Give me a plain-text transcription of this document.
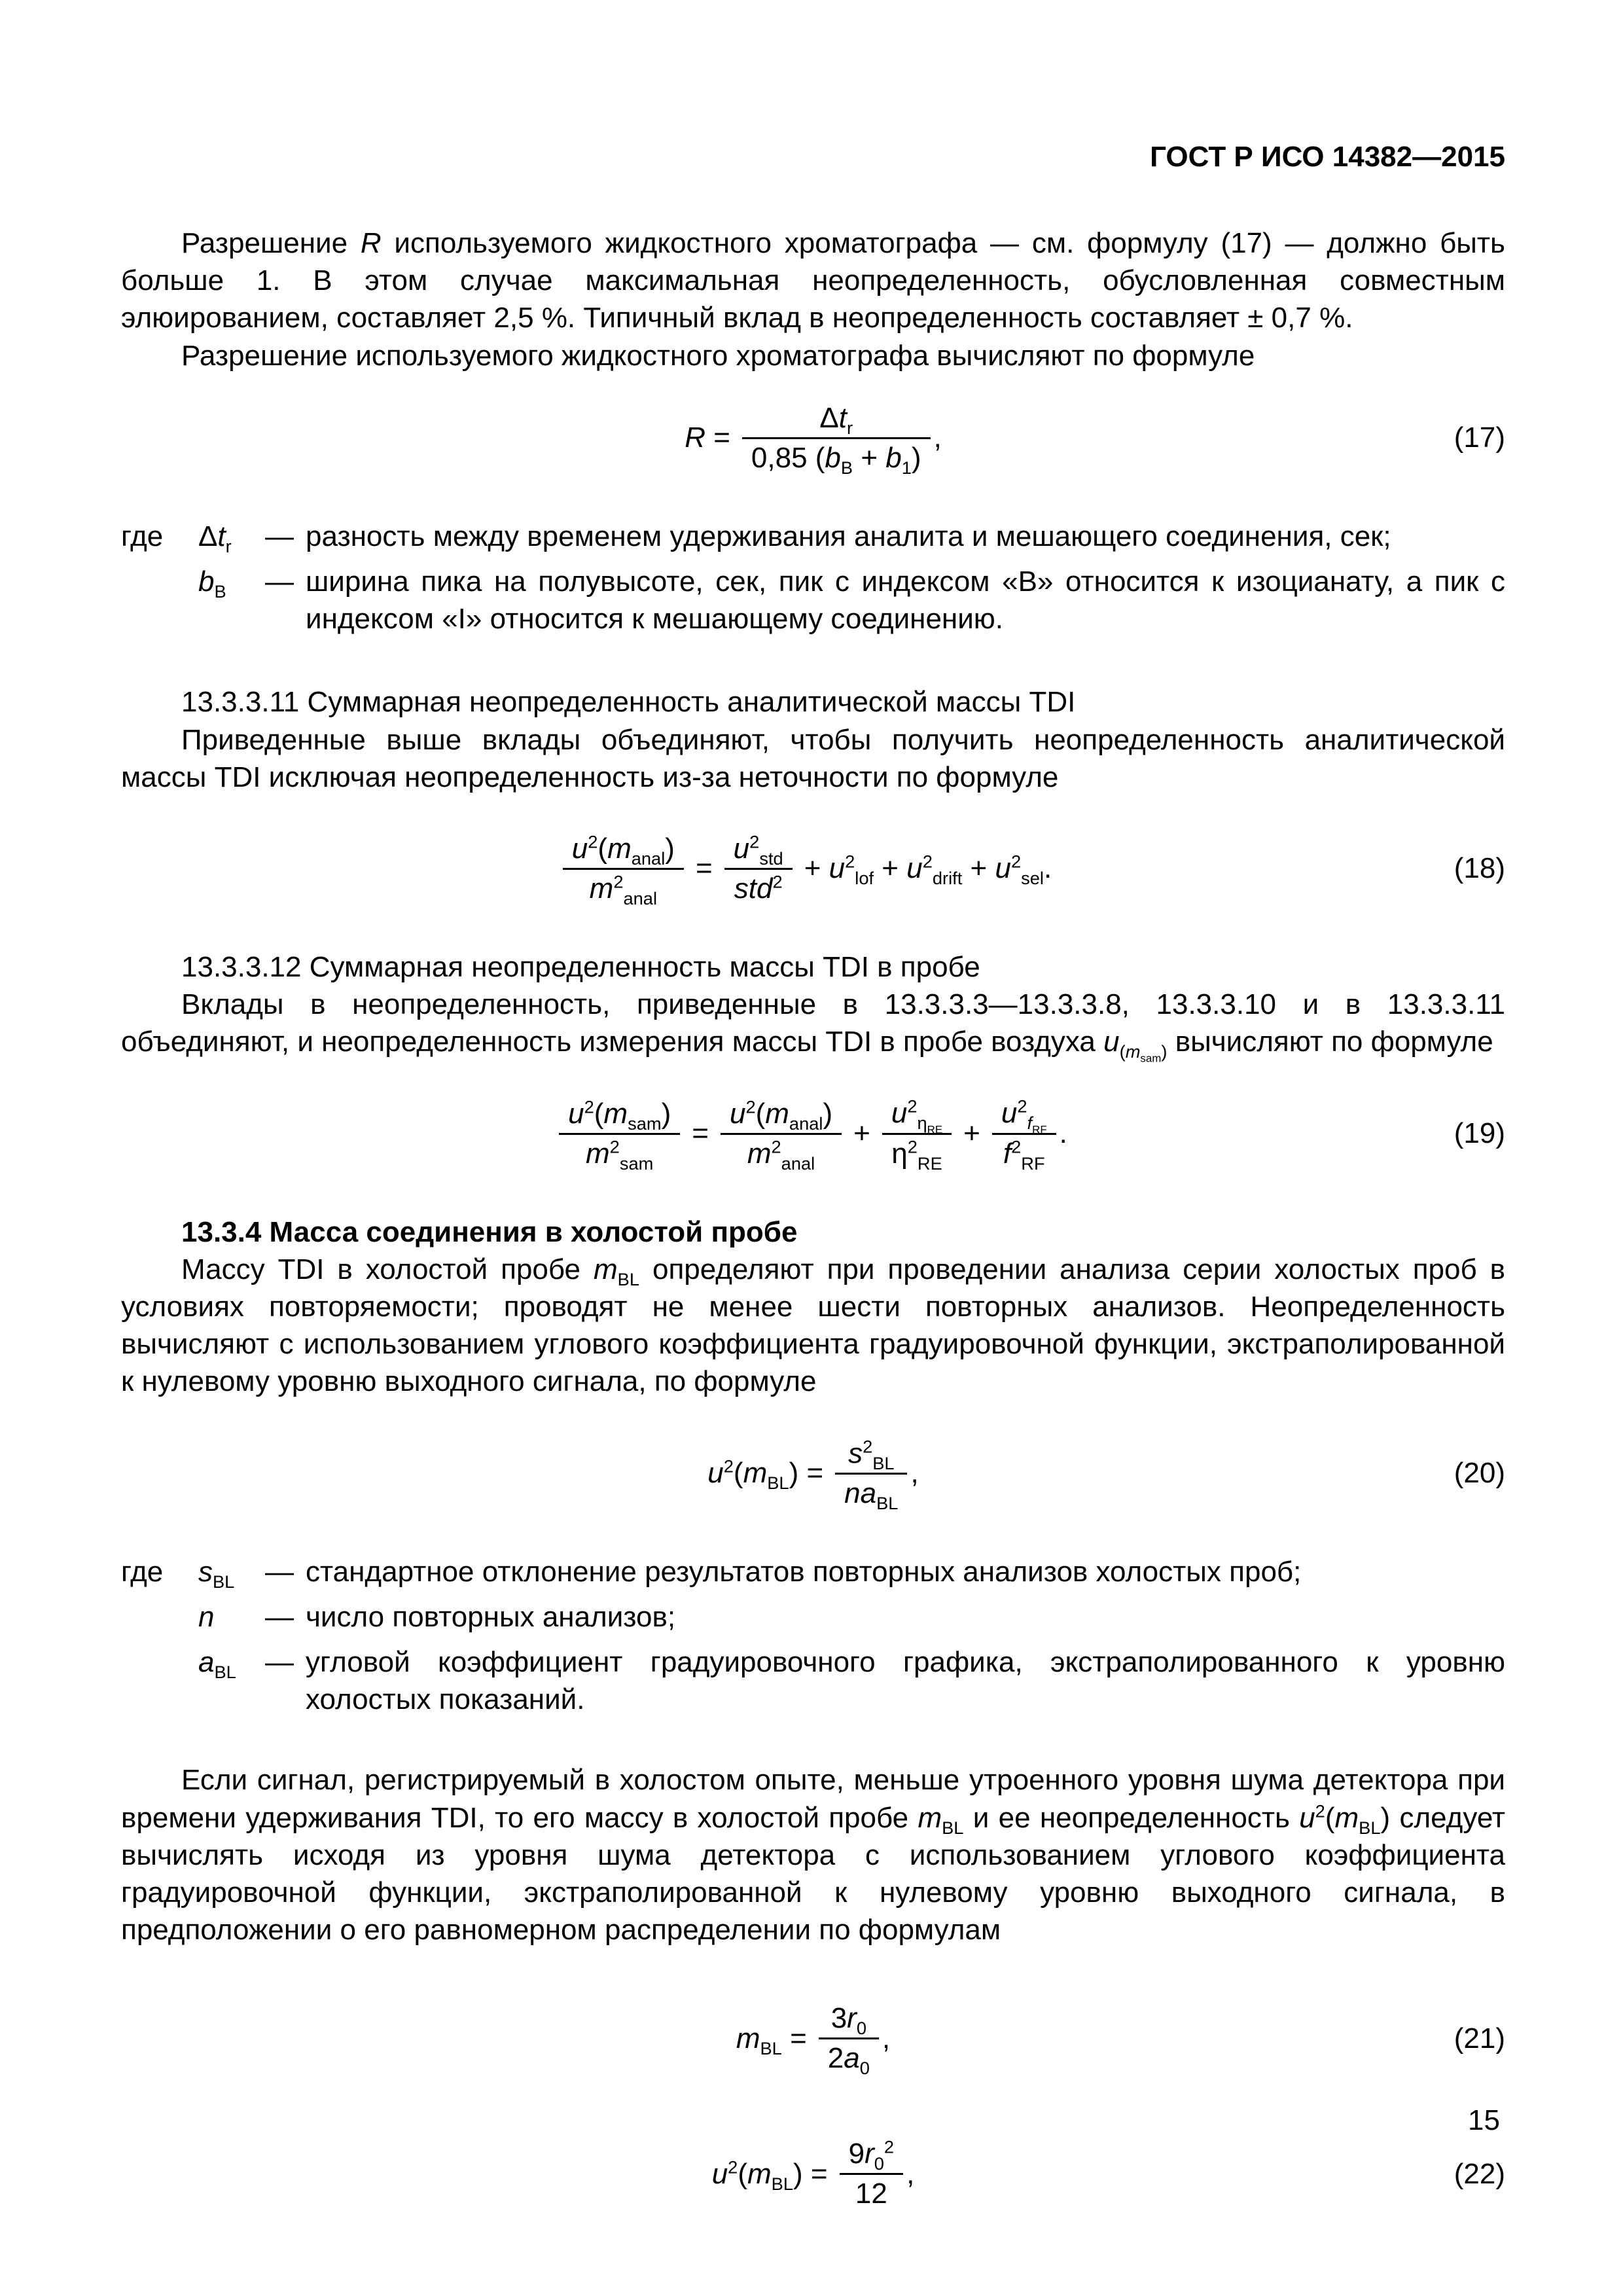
ГОСТ Р ИСО 14382—2015

Разрешение R используемого жидкостного хроматографа — см. формулу (17) — должно быть больше 1. В этом случае максимальная неопределенность, обусловленная совместным элюированием, составляет 2,5 %. Типичный вклад в неопределенность составляет ± 0,7 %.

Разрешение используемого жидкостного хроматографа вычисляют по формуле

$R = \frac{\Delta t_r}{0,85 (b_B + b_1)}$ ,	(17)
где	$\Delta t_r$	— разность между временем удерживания аналита и мешающего соединения, сек;
$b_B$	— ширина пика на полувысоте, сек, пик с индексом «B» относится к изоцианату, а пик с индексом «I» относится к мешающему соединению.

13.3.3.11 Суммарная неопределенность аналитической массы TDI

Приведенные выше вклады объединяют, чтобы получить неопределенность аналитической массы TDI исключая неопределенность из-за неточности по формуле

$\frac{u^2(m_{anal})}{m^2_{anal}} = \frac{u^2_{std}}{std^2} + u^2_{lof} + u^2_{drift} + u^2_{sel}$.	(18)

13.3.3.12 Суммарная неопределенность массы TDI в пробе

Вклады в неопределенность, приведенные в 13.3.3.3—13.3.3.8, 13.3.3.10 и в 13.3.3.11 объединяют, и неопределенность измерения массы TDI в пробе воздуха $u_{(m_{sam})}$ вычисляют по формуле

$\frac{u^2(m_{sam})}{m^2_{sam}} = \frac{u^2(m_{anal})}{m^2_{anal}} + \frac{u^2_{\eta_{RE}}}{\eta^2_{RE}} + \frac{u^2_{f_{RF}}}{f^2_{RF}}$ .	(19)

13.3.4 Масса соединения в холостой пробе

Массу TDI в холостой пробе $m_{BL}$ определяют при проведении анализа серии холостых проб в условиях повторяемости; проводят не менее шести повторных анализов. Неопределенность вычисляют с использованием углового коэффициента градуировочной функции, экстраполированной к нулевому уровню выходного сигнала, по формуле

$u^2(m_{BL}) = \frac{s^2_{BL}}{na_{BL}}$ ,	(20)
где	$s_{BL}$	— стандартное отклонение результатов повторных анализов холостых проб;
n	— число повторных анализов;
$a_{BL}$	— угловой коэффициент градуировочного графика, экстраполированного к уровню холостых показаний.

Если сигнал, регистрируемый в холостом опыте, меньше утроенного уровня шума детектора при времени удерживания TDI, то его массу в холостой пробе $m_{BL}$ и ее неопределенность $u^2(m_{BL})$ следует вычислять исходя из уровня шума детектора с использованием углового коэффициента градуировочной функции, экстраполированной к нулевому уровню выходного сигнала, в предположении о его равномерном распределении по формулам

$m_{BL} = \frac{3r_0}{2a_0}$ ,	(21)
$u^2(m_{BL}) = \frac{9r_0^2}{12}$ ,	(22)
15
